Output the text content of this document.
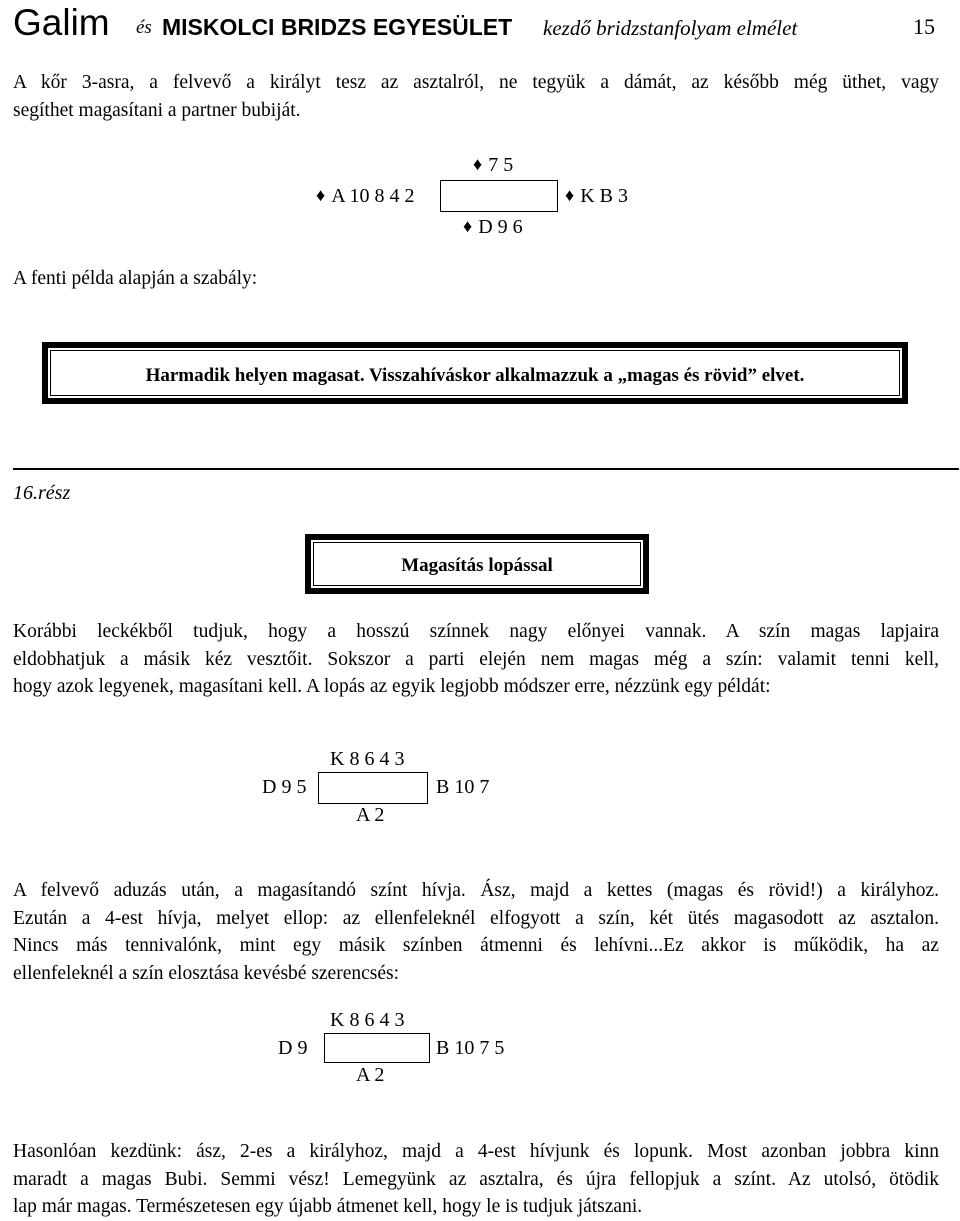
Galim és MISKOLCI BRIDZS EGYESÜLET kezdő bridzstanfolyam elmélet	15
A kőr 3-asra, a felvevő a királyt tesz az asztalról, ne tegyük a dámát, az később még üthet, vagy
segíthet magasítani a partner bubiját.
♦ 7 5
♦ A 10 8 4 2	♦ K B 3
♦ D 9 6
A fenti példa alapján a szabály:
Harmadik helyen magasat. Visszahíváskor alkalmazzuk a „magas és rövid” elvet.
16.rész
Magasítás lopással
Korábbi leckékből tudjuk, hogy a hosszú színnek nagy előnyei vannak. A szín magas lapjaira
eldobhatjuk a másik kéz vesztőit. Sokszor a parti elején nem magas még a szín: valamit tenni kell,
hogy azok legyenek, magasítani kell. A lopás az egyik legjobb módszer erre, nézzünk egy példát:
K 8 6 4 3
D 9 5	B 10 7
A 2
A felvevő aduzás után, a magasítandó színt hívja. Ász, majd a kettes (magas és rövid!) a királyhoz.
Ezután a 4-est hívja, melyet ellop: az ellenfeleknél elfogyott a szín, két ütés magasodott az asztalon.
Nincs más tennivalónk, mint egy másik színben átmenni és lehívni...Ez akkor is működik, ha az
ellenfeleknél a szín elosztása kevésbé szerencsés:
K 8 6 4 3
D 9	B 10 7 5
A 2
Hasonlóan kezdünk: ász, 2-es a királyhoz, majd a 4-est hívjunk és lopunk. Most azonban jobbra kinn
maradt a magas Bubi. Semmi vész! Lemegyünk az asztalra, és újra fellopjuk a színt. Az utolsó, ötödik
lap már magas. Természetesen egy újabb átmenet kell, hogy le is tudjuk játszani.
